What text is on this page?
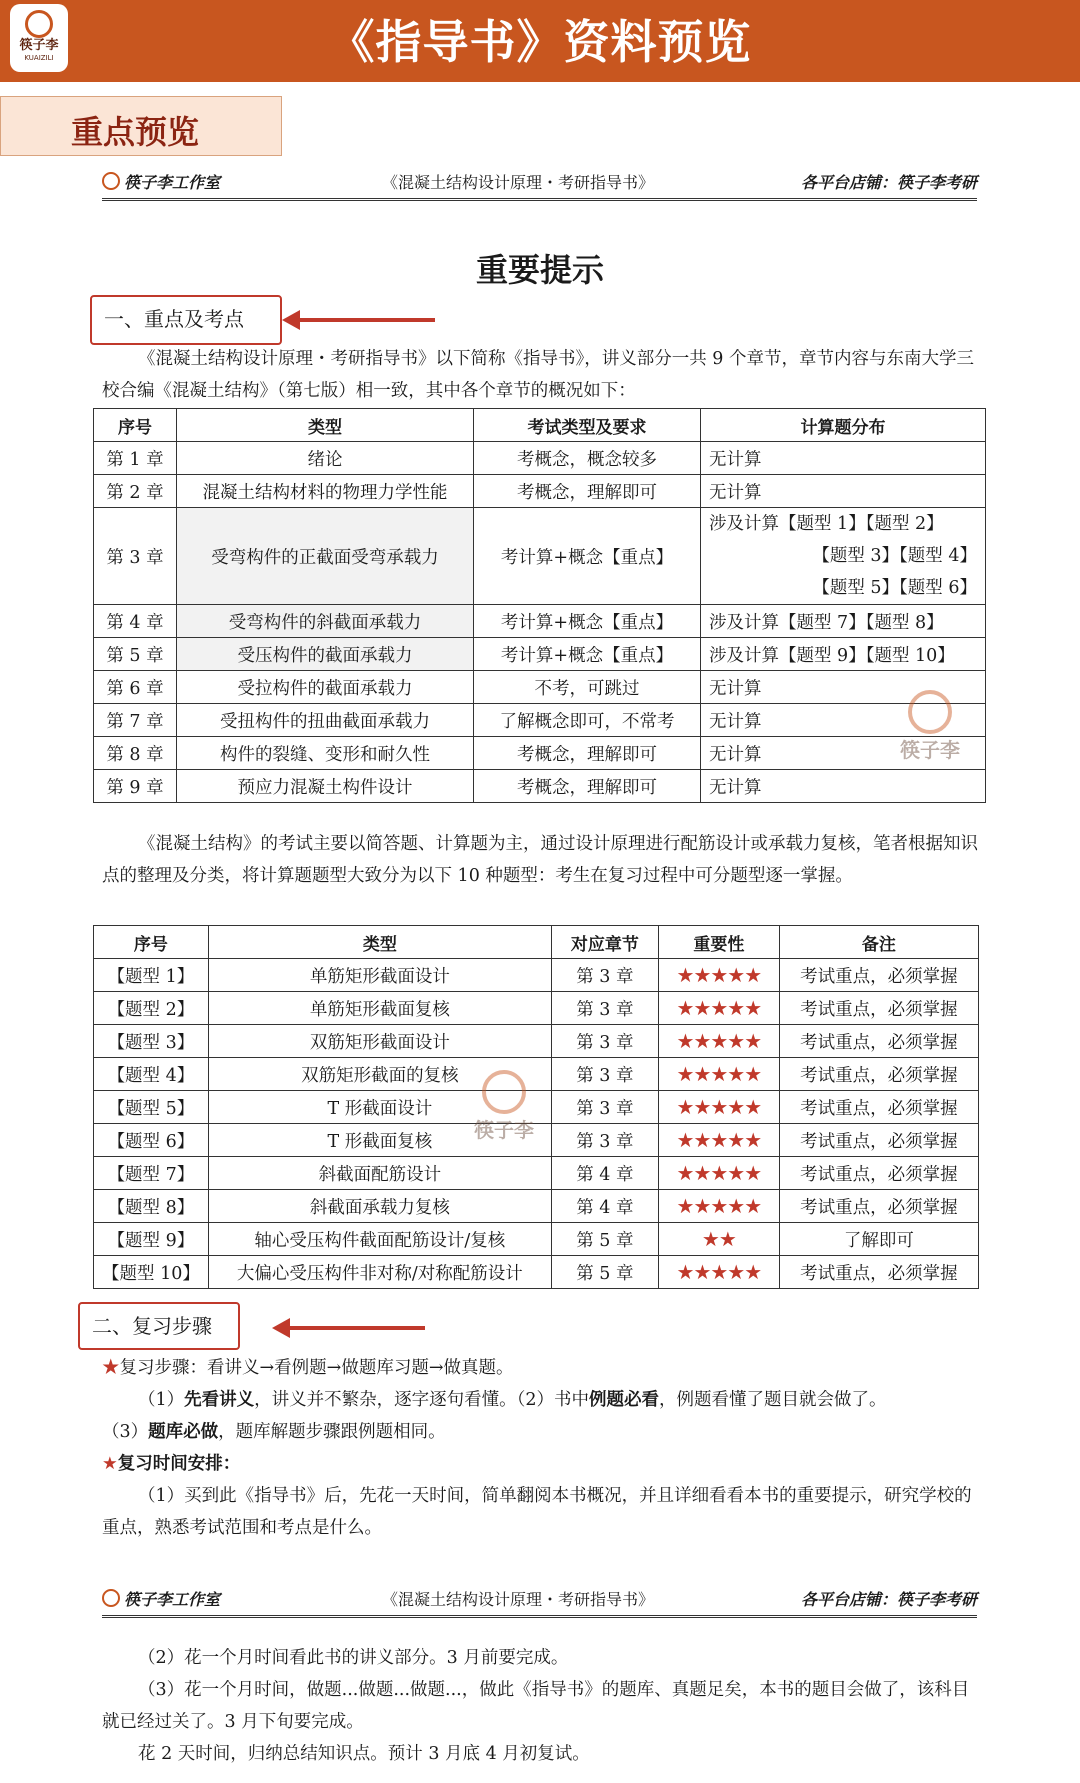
筷子李
KUAIZILI	《指导书》资料预览
重点预览
筷子李工作室	《混凝土结构设计原理・考研指导书》	各平台店铺：筷子李考研
重要提示
一、重点及考点
《混凝土结构设计原理・考研指导书》以下简称《指导书》，讲义部分一共 9 个章节，章节内容与东南大学三校合编《混凝土结构》（第七版）相一致，其中各个章节的概况如下：
序号	类型	考试类型及要求	计算题分布
第 1 章	绪论	考概念，概念较多	无计算
第 2 章	混凝土结构材料的物理力学性能	考概念，理解即可	无计算
第 3 章	受弯构件的正截面受弯承载力	考计算+概念【重点】	涉及计算【题型 1】【题型 2】
【题型 3】【题型 4】
【题型 5】【题型 6】

第 4 章	受弯构件的斜截面承载力	考计算+概念【重点】	涉及计算【题型 7】【题型 8】
第 5 章	受压构件的截面承载力	考计算+概念【重点】	涉及计算【题型 9】【题型 10】
第 6 章	受拉构件的截面承载力	不考，可跳过	无计算
第 7 章	受扭构件的扭曲截面承载力	了解概念即可，不常考	无计算
第 8 章	构件的裂缝、变形和耐久性	考概念，理解即可	无计算
第 9 章	预应力混凝土构件设计	考概念，理解即可	无计算
筷子李
《混凝土结构》的考试主要以简答题、计算题为主，通过设计原理进行配筋设计或承载力复核，笔者根据知识点的整理及分类，将计算题题型大致分为以下 10 种题型：考生在复习过程中可分题型逐一掌握。
序号	类型	对应章节	重要性	备注
【题型 1】	单筋矩形截面设计	第 3 章	★★★★★	考试重点，必须掌握
【题型 2】	单筋矩形截面复核	第 3 章	★★★★★	考试重点，必须掌握
【题型 3】	双筋矩形截面设计	第 3 章	★★★★★	考试重点，必须掌握
【题型 4】	双筋矩形截面的复核	第 3 章	★★★★★	考试重点，必须掌握
【题型 5】	T 形截面设计	第 3 章	★★★★★	考试重点，必须掌握
【题型 6】	T 形截面复核	第 3 章	★★★★★	考试重点，必须掌握
【题型 7】	斜截面配筋设计	第 4 章	★★★★★	考试重点，必须掌握
【题型 8】	斜截面承载力复核	第 4 章	★★★★★	考试重点，必须掌握
【题型 9】	轴心受压构件截面配筋设计/复核	第 5 章	★★	了解即可
【题型 10】	大偏心受压构件非对称/对称配筋设计	第 5 章	★★★★★	考试重点，必须掌握
筷子李
二、复习步骤
★复习步骤：看讲义→看例题→做题库习题→做真题。
（1）先看讲义，讲义并不繁杂，逐字逐句看懂。（2）书中例题必看，例题看懂了题目就会做了。
（3）题库必做，题库解题步骤跟例题相同。
★复习时间安排：
（1）买到此《指导书》后，先花一天时间，简单翻阅本书概况，并且详细看看本书的重要提示，研究学校的重点，熟悉考试范围和考点是什么。
筷子李工作室	《混凝土结构设计原理・考研指导书》	各平台店铺：筷子李考研
（2）花一个月时间看此书的讲义部分。3 月前要完成。
（3）花一个月时间，做题...做题...做题...，做此《指导书》的题库、真题足矣，本书的题目会做了，该科目就已经过关了。3 月下旬要完成。
花 2 天时间，归纳总结知识点。预计 3 月底 4 月初复试。
